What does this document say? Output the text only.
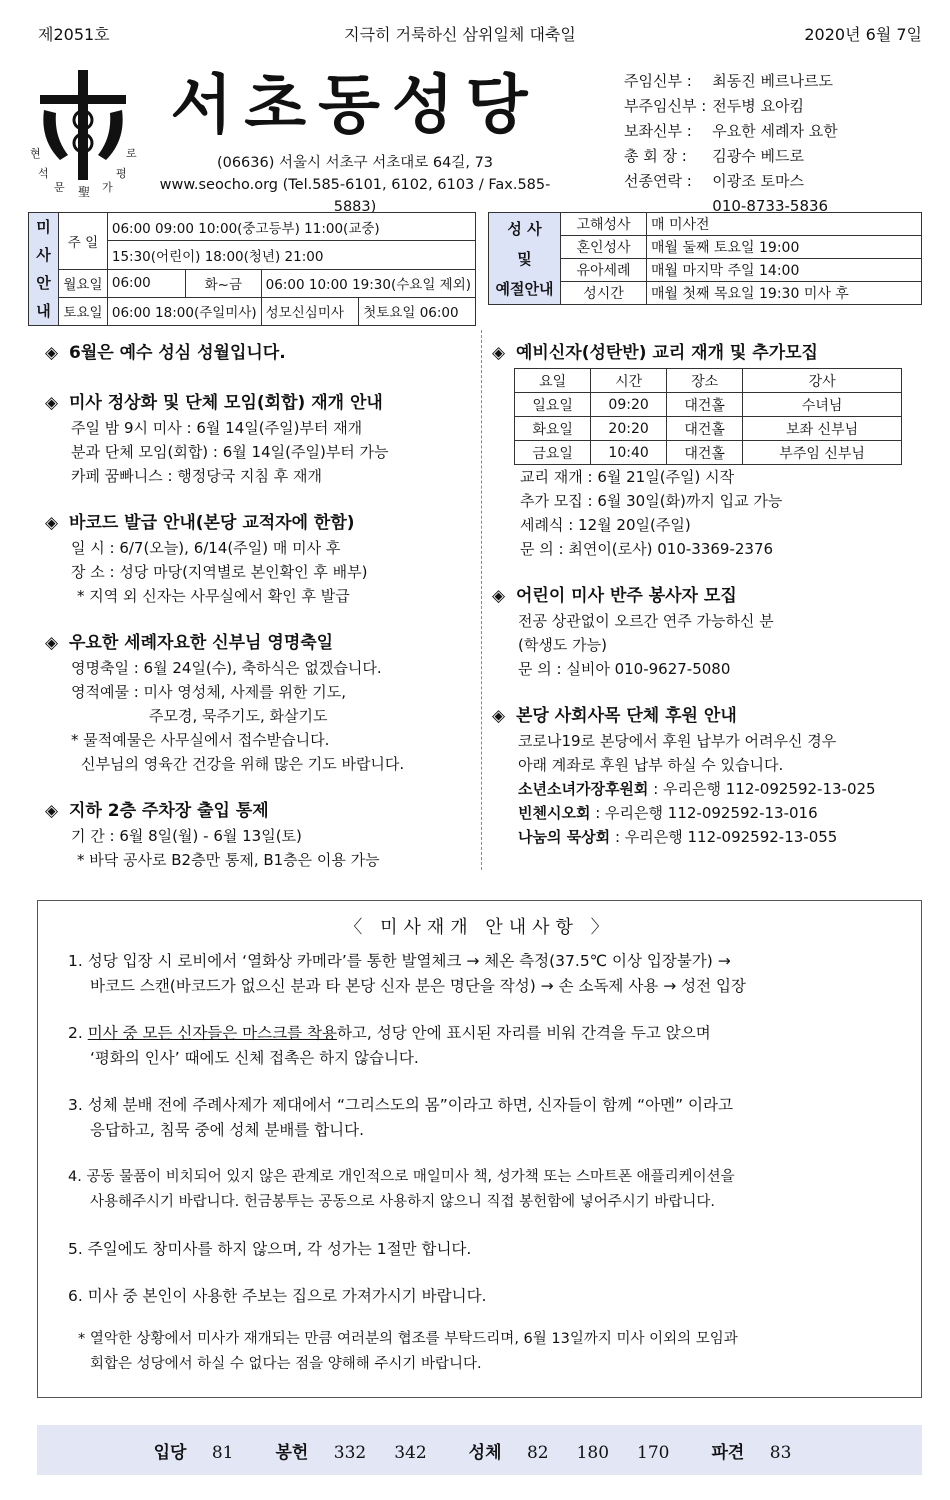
제2051호	지극히 거룩하신 삼위일체 대축일	2020년 6월 7일
현	로
석	평
문	가
聖
서초동성당
(06636) 서울시 서초구 서초대로 64길, 73
www.seocho.org (Tel.585-6101, 6102, 6103 / Fax.585-5883)
주임신부 :	최동진 베르나르도
부주임신부 :	전두병 요아킴
보좌신부 :	우요한 세례자 요한
총 회 장 :	김광수 베드로
선종연락 :	이광조 토마스
	010-8733-5836
미사 안내	주 일	06:00 09:00 10:00(중고등부) 11:00(교중)			
		15:30(어린이) 18:00(청년) 21:00			
	월요일	06:00	화~금	06:00 10:00 19:30(수요일 제외)	
	토요일	06:00 18:00(주일미사)		성모신심미사	첫토요일 06:00
성 사
및
예절안내	고해성사	매 미사전
	혼인성사	매월 둘째 토요일 19:00
	유아세례	매월 마지막 주일 14:00
	성시간	매월 첫째 목요일 19:30 미사 후
◈ 6월은 예수 성심 성월입니다.
◈ 미사 정상화 및 단체 모임(회합) 재개 안내
주일 밤 9시 미사 : 6월 14일(주일)부터 재개
분과 단체 모임(회합) : 6월 14일(주일)부터 가능
카페 꿈빠니스 : 행정당국 지침 후 재개
◈ 바코드 발급 안내(본당 교적자에 한함)
일 시 : 6/7(오늘), 6/14(주일) 매 미사 후
장 소 : 성당 마당(지역별로 본인확인 후 배부)
* 지역 외 신자는 사무실에서 확인 후 발급
◈ 우요한 세례자요한 신부님 영명축일
영명축일 : 6월 24일(수), 축하식은 없겠습니다.
영적예물 : 미사 영성체, 사제를 위한 기도,
주모경, 묵주기도, 화살기도
* 물적예물은 사무실에서 접수받습니다.
신부님의 영육간 건강을 위해 많은 기도 바랍니다.
◈ 지하 2층 주차장 출입 통제
기 간 : 6월 8일(월) - 6월 13일(토)
* 바닥 공사로 B2층만 통제, B1층은 이용 가능
◈ 예비신자(성탄반) 교리 재개 및 추가모집
요일	시간	장소	강사
일요일	09:20	대건홀	수녀님
화요일	20:20	대건홀	보좌 신부님
금요일	10:40	대건홀	부주임 신부님
교리 재개 : 6월 21일(주일) 시작
추가 모집 : 6월 30일(화)까지 입교 가능
세례식 : 12월 20일(주일)
문 의 : 최연이(로사) 010-3369-2376
◈ 어린이 미사 반주 봉사자 모집
전공 상관없이 오르간 연주 가능하신 분
(학생도 가능)
문 의 : 실비아 010-9627-5080
◈ 본당 사회사목 단체 후원 안내
코로나19로 본당에서 후원 납부가 어려우신 경우
아래 계좌로 후원 납부 하실 수 있습니다.
소년소녀가장후원회 : 우리은행 112-092592-13-025
빈첸시오회 : 우리은행 112-092592-13-016
나눔의 묵상회 : 우리은행 112-092592-13-055
〈 미사재개 안내사항 〉
1. 성당 입장 시 로비에서 ‘열화상 카메라’를 통한 발열체크 → 체온 측정(37.5℃ 이상 입장불가) →
바코드 스캔(바코드가 없으신 분과 타 본당 신자 분은 명단을 작성) → 손 소독제 사용 → 성전 입장
2. 미사 중 모든 신자들은 마스크를 착용하고, 성당 안에 표시된 자리를 비워 간격을 두고 앉으며
‘평화의 인사’ 때에도 신체 접촉은 하지 않습니다.
3. 성체 분배 전에 주례사제가 제대에서 “그리스도의 몸”이라고 하면, 신자들이 함께 “아멘” 이라고
응답하고, 침묵 중에 성체 분배를 합니다.
4. 공동 물품이 비치되어 있지 않은 관계로 개인적으로 매일미사 책, 성가책 또는 스마트폰 애플리케이션을
사용해주시기 바랍니다. 헌금봉투는 공동으로 사용하지 않으니 직접 봉헌함에 넣어주시기 바랍니다.
5. 주일에도 창미사를 하지 않으며, 각 성가는 1절만 합니다.
6. 미사 중 본인이 사용한 주보는 집으로 가져가시기 바랍니다.
* 열악한 상황에서 미사가 재개되는 만큼 여러분의 협조를 부탁드리며, 6월 13일까지 미사 이외의 모임과
회합은 성당에서 하실 수 없다는 점을 양해해 주시기 바랍니다.
입당 81	봉헌 332 342	성체 82 180 170	파견 83
